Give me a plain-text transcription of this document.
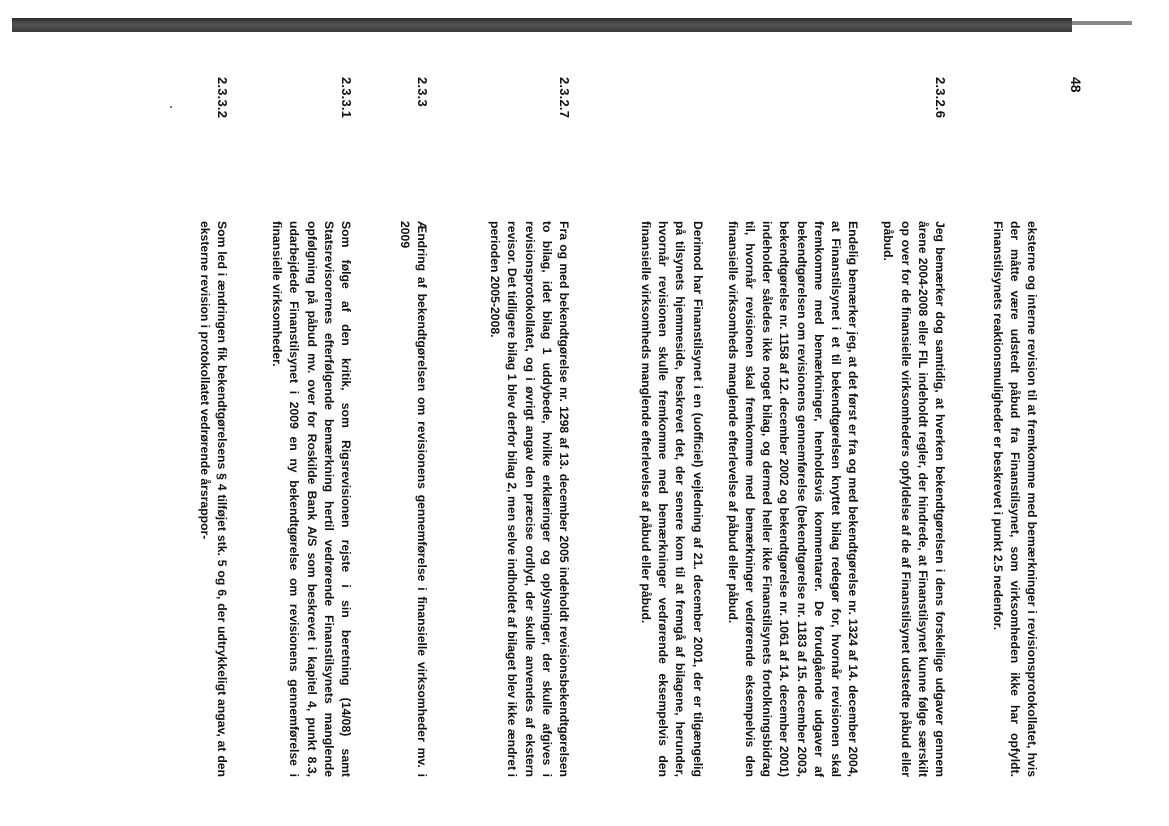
48

eksterne og interne revision til at fremkomme med bemærkninger i revisionsprotokollatet, hvis der måtte være udstedt påbud fra Finanstilsynet, som virksomheden ikke har opfyldt. Finanstilsynets reaktionsmuligheder er beskrevet i punkt 2.5 nedenfor.

2.3.2.6

Jeg bemærker dog samtidig, at hverken bekendtgørelsen i dens forskellige udgaver gennem årene 2004-2008 eller FIL indeholdt regler, der hindrede, at Finanstilsynet kunne følge særskilt op over for de finansielle virksomheders opfyldelse af de af Finanstilsynet udstedte påbud eller påbud.

Endelig bemærker jeg, at det først er fra og med bekendtgørelse nr. 1324 af 14. december 2004, at Finanstilsynet i et til bekendtgørelsen knyttet bilag redegør for, hvornår revisionen skal fremkomme med bemærkninger, henholdsvis kommentarer. De forudgående udgaver af bekendtgørelsen om revisionens gennemførelse (bekendtgørelse nr. 1183 af 15. december 2003, bekendtgørelse nr. 1158 af 12. december 2002 og bekendtgørelse nr. 1061 af 14. december 2001) indeholder således ikke noget bilag, og dermed heller ikke Finanstilsynets fortolkningsbidrag til, hvornår revisionen skal fremkomme med bemærkninger vedrørende eksempelvis den finansielle virksomheds manglende efterlevelse af påbud eller påbud.

Derimod har Finanstilsynet i en (uofficiel) vejledning af 21. december 2001, der er tilgængelig på tilsynets hjemmeside, beskrevet det, der senere kom til at fremgå af bilagene, herunder, hvornår revisionen skulle fremkomme med bemærkninger vedrørende eksempelvis den finansielle virksomheds manglende efterlevelse af påbud eller påbud.

2.3.2.7

Fra og med bekendtgørelse nr. 1298 af 13. december 2005 indeholdt revisionsbekendtgørelsen to bilag, idet bilag 1 uddybede, hvilke erklæringer og oplysninger, der skulle afgives i revisionsprotokollatet, og i øvrigt angav den præcise ordlyd, der skulle anvendes af ekstern revisor. Det tidligere bilag 1 blev derfor bilag 2, men selve indholdet af bilaget blev ikke ændret i perioden 2005-2008.

2.3.3

Ændring af bekendtgørelsen om revisionens gennemførelse i finansielle virksomheder mv. i 2009

2.3.3.1

Som følge af den kritik, som Rigsrevisionen rejste i sin beretning (14/08) samt Statsrevisorernes efterfølgende bemærkning hertil vedrørende Finanstilsynets manglende opfølgning på påbud mv. over for Roskilde Bank A/S som beskrevet i kapitel 4, punkt 8.3, udarbejdede Finanstilsynet i 2009 en ny bekendtgørelse om revisionens gennemførelse i finansielle virksomheder.

2.3.3.2

Som led i ændringen fik bekendtgørelsens § 4 tilføjet stk. 5 og 6, der udtrykkeligt angav, at den eksterne revision i protokollatet vedrørende årsrappor-
